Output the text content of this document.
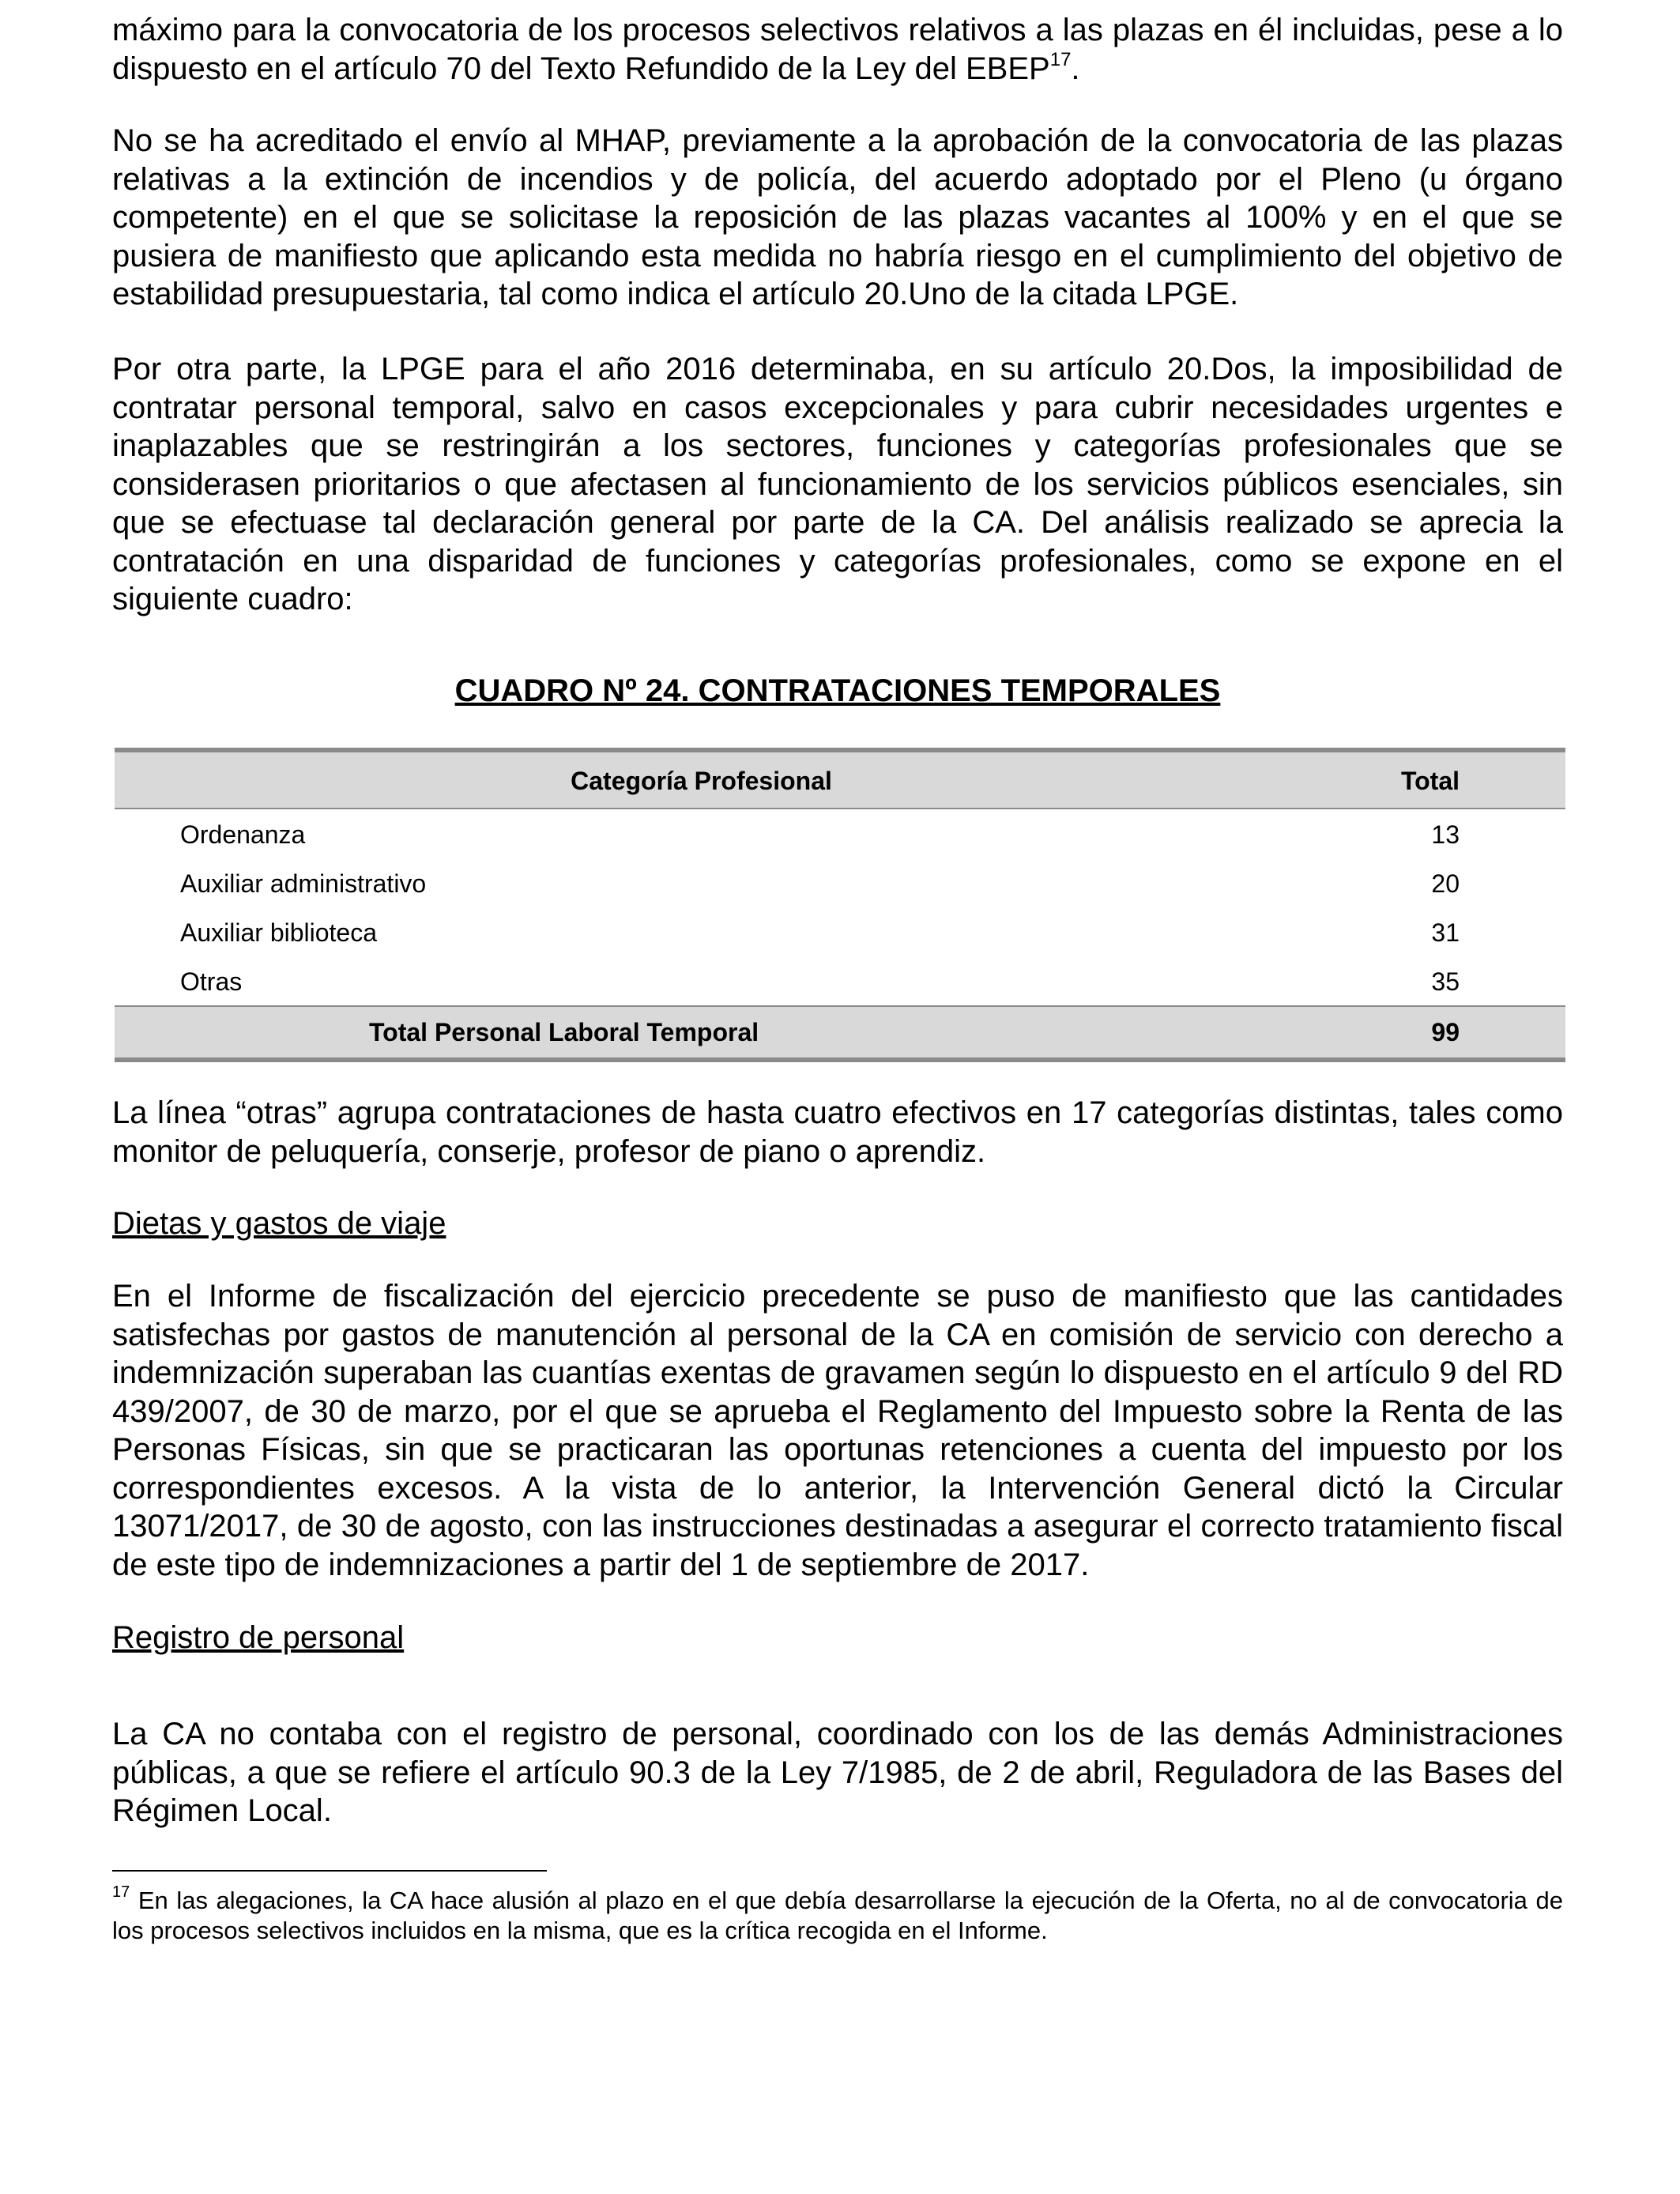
máximo para la convocatoria de los procesos selectivos relativos a las plazas en él incluidas, pese a lo dispuesto en el artículo 70 del Texto Refundido de la Ley del EBEP$^{17}$.

No se ha acreditado el envío al MHAP, previamente a la aprobación de la convocatoria de las plazas relativas a la extinción de incendios y de policía, del acuerdo adoptado por el Pleno (u órgano competente) en el que se solicitase la reposición de las plazas vacantes al 100% y en el que se pusiera de manifiesto que aplicando esta medida no habría riesgo en el cumplimiento del objetivo de estabilidad presupuestaria, tal como indica el artículo 20.Uno de la citada LPGE.

Por otra parte, la LPGE para el año 2016 determinaba, en su artículo 20.Dos, la imposibilidad de contratar personal temporal, salvo en casos excepcionales y para cubrir necesidades urgentes e inaplazables que se restringirán a los sectores, funciones y categorías profesionales que se considerasen prioritarios o que afectasen al funcionamiento de los servicios públicos esenciales, sin que se efectuase tal declaración general por parte de la CA. Del análisis realizado se aprecia la contratación en una disparidad de funciones y categorías profesionales, como se expone en el siguiente cuadro:

CUADRO Nº 24. CONTRATACIONES TEMPORALES
Categoría Profesional	Total
Ordenanza	13
Auxiliar administrativo	20
Auxiliar biblioteca	31
Otras	35
Total Personal Laboral Temporal	99

La línea “otras” agrupa contrataciones de hasta cuatro efectivos en 17 categorías distintas, tales como monitor de peluquería, conserje, profesor de piano o aprendiz.

Dietas y gastos de viaje

En el Informe de fiscalización del ejercicio precedente se puso de manifiesto que las cantidades satisfechas por gastos de manutención al personal de la CA en comisión de servicio con derecho a indemnización superaban las cuantías exentas de gravamen según lo dispuesto en el artículo 9 del RD 439/2007, de 30 de marzo, por el que se aprueba el Reglamento del Impuesto sobre la Renta de las Personas Físicas, sin que se practicaran las oportunas retenciones a cuenta del impuesto por los correspondientes excesos. A la vista de lo anterior, la Intervención General dictó la Circular 13071/2017, de 30 de agosto, con las instrucciones destinadas a asegurar el correcto tratamiento fiscal de este tipo de indemnizaciones a partir del 1 de septiembre de 2017.

Registro de personal

La CA no contaba con el registro de personal, coordinado con los de las demás Administraciones públicas, a que se refiere el artículo 90.3 de la Ley 7/1985, de 2 de abril, Reguladora de las Bases del Régimen Local.

$^{17}$ En las alegaciones, la CA hace alusión al plazo en el que debía desarrollarse la ejecución de la Oferta, no al de convocatoria de los procesos selectivos incluidos en la misma, que es la crítica recogida en el Informe.
